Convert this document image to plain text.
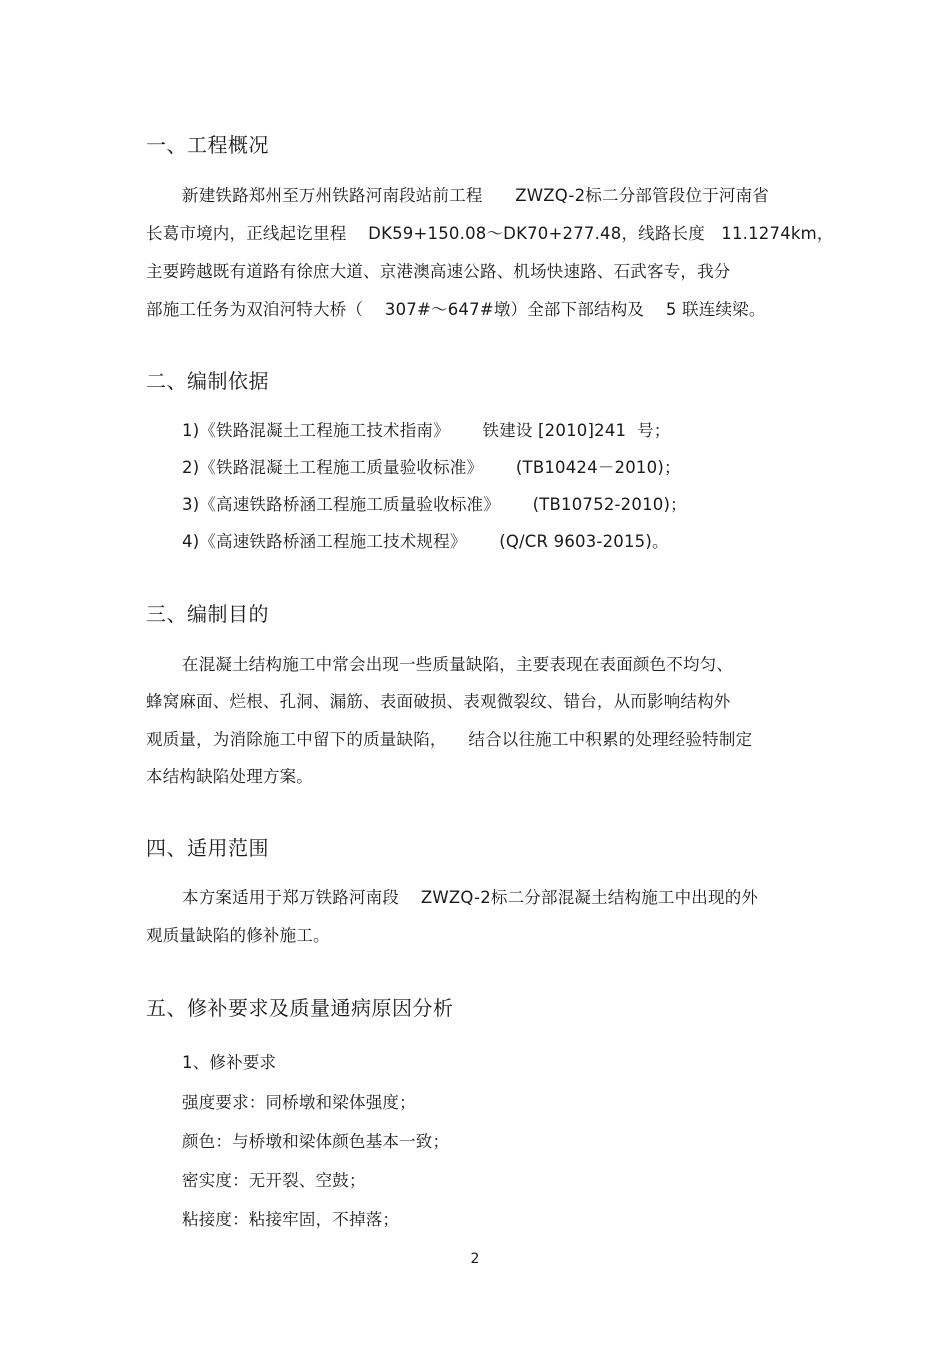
一、工程概况
新建铁路郑州至万州铁路河南段站前工程      ZWZQ-2标二分部管段位于河南省
长葛市境内，正线起讫里程    DK59+150.08～DK70+277.48，线路长度   11.1274km，
主要跨越既有道路有徐庶大道、京港澳高速公路、机场快速路、石武客专，我分
部施工任务为双洎河特大桥（    307#～647#墩）全部下部结构及    5 联连续梁。
二、编制依据
1)《铁路混凝土工程施工技术指南》      铁建设 [2010]241  号；
2)《铁路混凝土工程施工质量验收标准》      (TB10424－2010)；
3)《高速铁路桥涵工程施工质量验收标准》      (TB10752-2010)；
4)《高速铁路桥涵工程施工技术规程》      (Q/CR 9603-2015)。
三、编制目的
在混凝土结构施工中常会出现一些质量缺陷，主要表现在表面颜色不均匀、
蜂窝麻面、烂根、孔洞、漏筋、表面破损、表观微裂纹、错台，从而影响结构外
观质量，为消除施工中留下的质量缺陷，    结合以往施工中积累的处理经验特制定
本结构缺陷处理方案。
四、适用范围
本方案适用于郑万铁路河南段    ZWZQ-2标二分部混凝土结构施工中出现的外
观质量缺陷的修补施工。
五、修补要求及质量通病原因分析
1、修补要求
强度要求：同桥墩和梁体强度；
颜色：与桥墩和梁体颜色基本一致；
密实度：无开裂、空鼓；
粘接度：粘接牢固，不掉落；
2
